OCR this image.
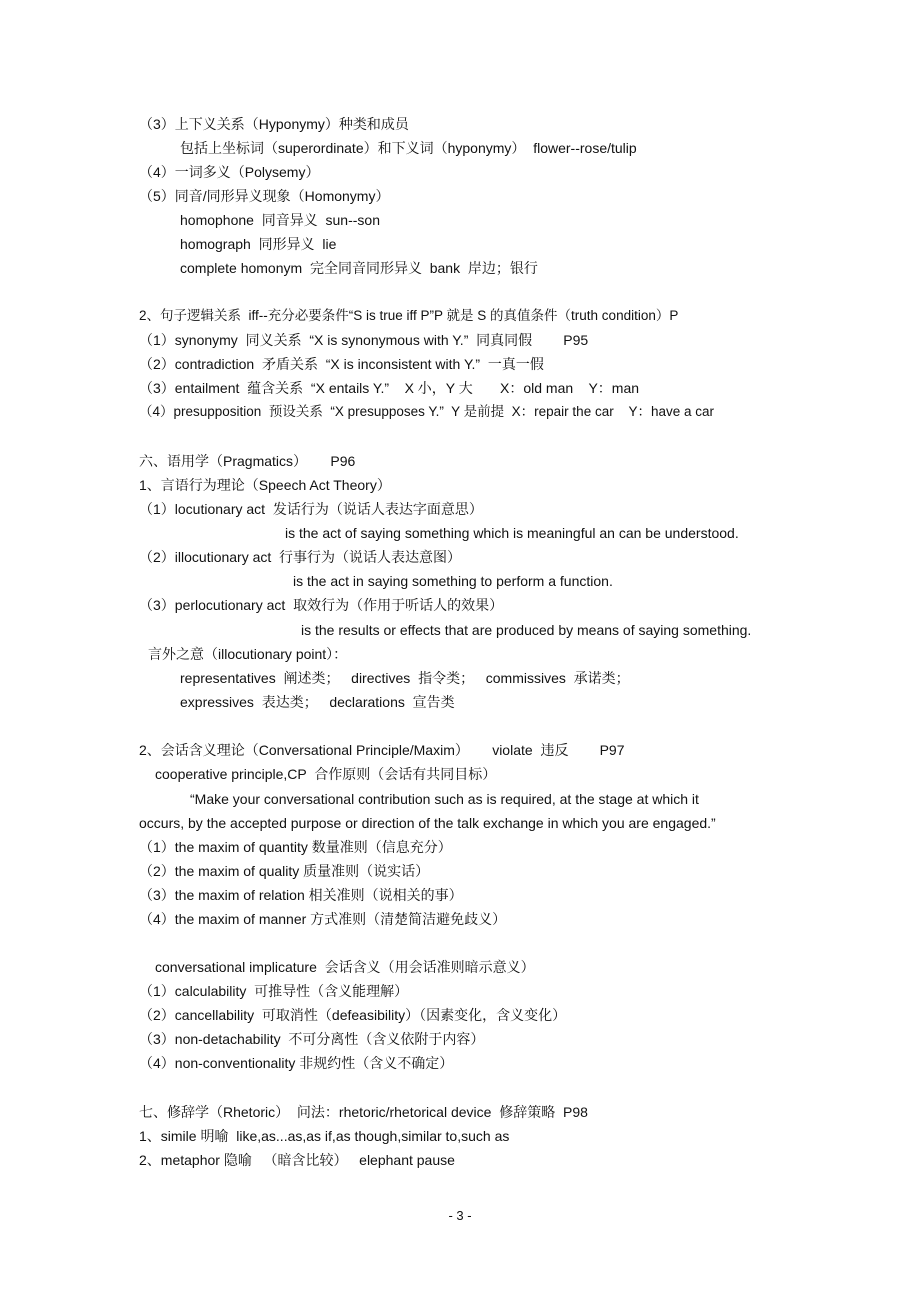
（3）上下义关系（Hyponymy）种类和成员
包括上坐标词（superordinate）和下义词（hyponymy）  flower--rose/tulip
（4）一词多义（Polysemy）
（5）同音/同形异义现象（Homonymy）
homophone  同音异义  sun--son
homograph  同形异义  lie
complete homonym  完全同音同形异义  bank  岸边；银行
2、句子逻辑关系  iff--充分必要条件“S is true iff P”P 就是 S 的真值条件（truth condition）P
（1）synonymy  同义关系  “X is synonymous with Y.”  同真同假        P95
（2）contradiction  矛盾关系  “X is inconsistent with Y.”  一真一假
（3）entailment  蕴含关系  “X entails Y.”    X 小，Y 大       X：old man    Y：man
（4）presupposition  预设关系  “X presupposes Y.”  Y 是前提  X：repair the car    Y：have a car
六、语用学（Pragmatics）      P96
1、言语行为理论（Speech Act Theory）
（1）locutionary act  发话行为（说话人表达字面意思）
is the act of saying something which is meaningful an can be understood.
（2）illocutionary act  行事行为（说话人表达意图）
is the act in saying something to perform a function.
（3）perlocutionary act  取效行为（作用于听话人的效果）
is the results or effects that are produced by means of saying something.
言外之意（illocutionary point）：
representatives  阐述类；   directives  指令类；   commissives  承诺类；
expressives  表达类；   declarations  宣告类
2、会话含义理论（Conversational Principle/Maxim）      violate  违反        P97
cooperative principle,CP  合作原则（会话有共同目标）
“Make your conversational contribution such as is required, at the stage at which it
occurs, by the accepted purpose or direction of the talk exchange in which you are engaged.”
（1）the maxim of quantity 数量准则（信息充分）
（2）the maxim of quality 质量准则（说实话）
（3）the maxim of relation 相关准则（说相关的事）
（4）the maxim of manner 方式准则（清楚简洁避免歧义）
conversational implicature  会话含义（用会话准则暗示意义）
（1）calculability  可推导性（含义能理解）
（2）cancellability  可取消性（defeasibility）（因素变化，含义变化）
（3）non-detachability  不可分离性（含义依附于内容）
（4）non-conventionality 非规约性（含义不确定）
七、修辞学（Rhetoric）  问法：rhetoric/rhetorical device  修辞策略  P98
1、simile 明喻  like,as...as,as if,as though,similar to,such as
2、metaphor 隐喻   （暗含比较）   elephant pause
- 3 -
